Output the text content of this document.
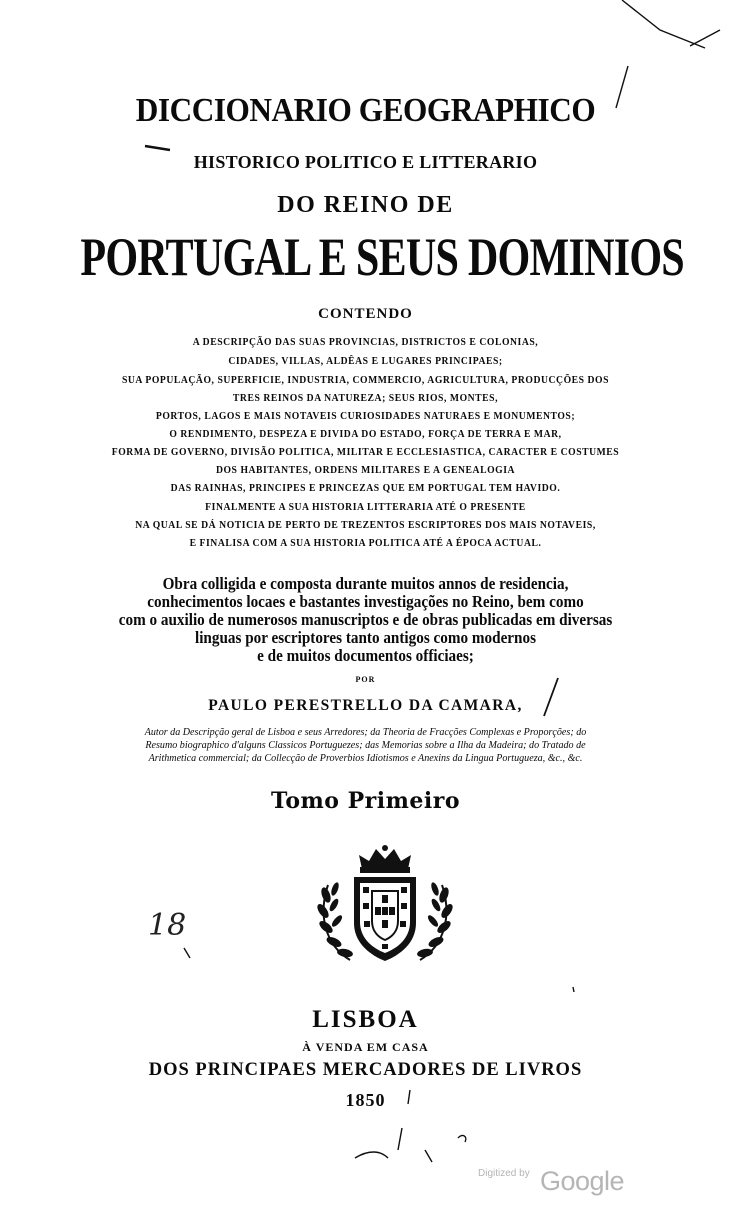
DICCIONARIO GEOGRAPHICO
HISTORICO POLITICO E LITTERARIO
DO REINO DE
PORTUGAL E SEUS DOMINIOS
CONTENDO
A DESCRIPÇÃO DAS SUAS PROVINCIAS, DISTRICTOS E COLONIAS,
CIDADES, VILLAS, ALDÊAS E LUGARES PRINCIPAES;
SUA POPULAÇÃO, SUPERFICIE, INDUSTRIA, COMMERCIO, AGRICULTURA, PRODUCÇÕES DOS
TRES REINOS DA NATUREZA; SEUS RIOS, MONTES,
PORTOS, LAGOS E MAIS NOTAVEIS CURIOSIDADES NATURAES E MONUMENTOS;
O RENDIMENTO, DESPEZA E DIVIDA DO ESTADO, FORÇA DE TERRA E MAR,
FORMA DE GOVERNO, DIVISÃO POLITICA, MILITAR E ECCLESIASTICA, CARACTER E COSTUMES
DOS HABITANTES, ORDENS MILITARES E A GENEALOGIA
DAS RAINHAS, PRINCIPES E PRINCEZAS QUE EM PORTUGAL TEM HAVIDO.
FINALMENTE A SUA HISTORIA LITTERARIA ATÉ O PRESENTE
NA QUAL SE DÁ NOTICIA DE PERTO DE TREZENTOS ESCRIPTORES DOS MAIS NOTAVEIS,
E FINALISA COM A SUA HISTORIA POLITICA ATÉ A ÉPOCA ACTUAL.
Obra colligida e composta durante muitos annos de residencia,
conhecimentos locaes e bastantes investigações no Reino, bem como
com o auxilio de numerosos manuscriptos e de obras publicadas em diversas
linguas por escriptores tanto antigos como modernos
e de muitos documentos officiaes;
POR
PAULO PERESTRELLO DA CAMARA,
Autor da Descripção geral de Lisboa e seus Arredores; da Theoria de Fracções Complexas e Proporções; do
Resumo biographico d'alguns Classicos Portuguezes; das Memorias sobre a Ilha da Madeira; do Tratado de
Arithmetica commercial; da Collecção de Proverbios Idiotismos e Anexins da Lingua Portugueza, &c., &c.
Tomo Primeiro
LISBOA
À VENDA EM CASA
DOS PRINCIPAES MERCADORES DE LIVROS
1850
18
Digitized by Google
